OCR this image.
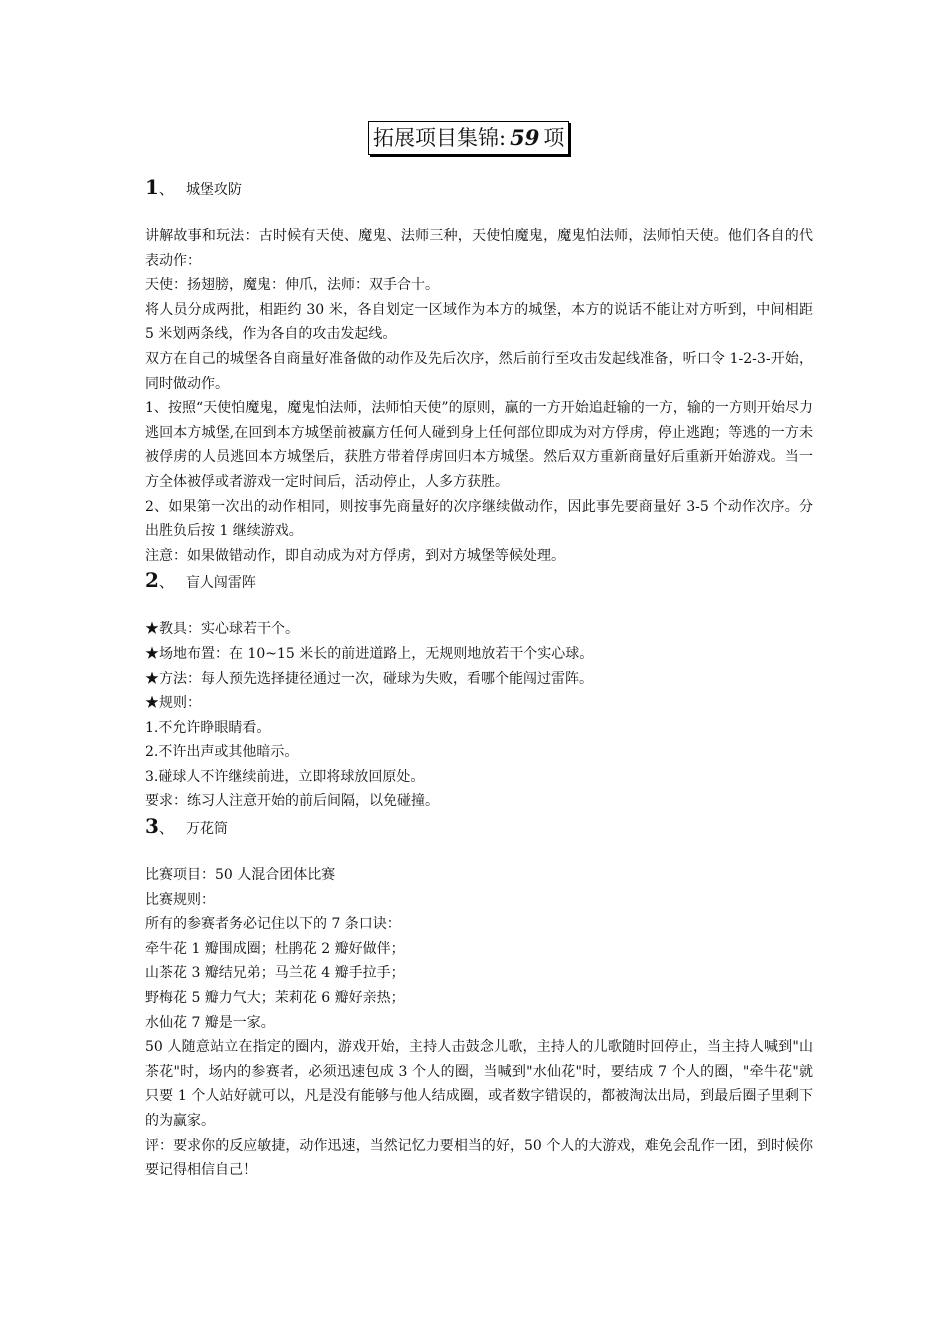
拓展项目集锦: 59 项
1 、 城堡攻防

讲解故事和玩法：古时候有天使、魔鬼、法师三种，天使怕魔鬼，魔鬼怕法师，法师怕天使。他们各自的代表动作：

天使：扬翅膀，魔鬼：伸爪，法师：双手合十。

将人员分成两批，相距约 30 米，各自划定一区域作为本方的城堡，本方的说话不能让对方听到，中间相距 5 米划两条线，作为各自的攻击发起线。

双方在自己的城堡各自商量好准备做的动作及先后次序，然后前行至攻击发起线准备，听口令 1-2-3-开始，同时做动作。

1、按照“天使怕魔鬼，魔鬼怕法师，法师怕天使”的原则，赢的一方开始追赶输的一方，输的一方则开始尽力逃回本方城堡,在回到本方城堡前被赢方任何人碰到身上任何部位即成为对方俘虏，停止逃跑；等逃的一方未被俘虏的人员逃回本方城堡后，获胜方带着俘虏回归本方城堡。然后双方重新商量好后重新开始游戏。当一方全体被俘或者游戏一定时间后，活动停止，人多方获胜。

2、如果第一次出的动作相同，则按事先商量好的次序继续做动作，因此事先要商量好 3-5 个动作次序。分出胜负后按 1 继续游戏。

注意：如果做错动作，即自动成为对方俘虏，到对方城堡等候处理。

2 、 盲人闯雷阵

★教具：实心球若干个。

★场地布置：在 10~15 米长的前进道路上，无规则地放若干个实心球。

★方法：每人预先选择捷径通过一次，碰球为失败，看哪个能闯过雷阵。

★规则：

1.不允许睁眼睛看。

2.不许出声或其他暗示。

3.碰球人不许继续前进，立即将球放回原处。

要求：练习人注意开始的前后间隔，以免碰撞。

3 、 万花筒

比赛项目：50 人混合团体比赛

比赛规则：

所有的参赛者务必记住以下的 7 条口诀：

牵牛花 1 瓣围成圈；杜鹃花 2 瓣好做伴；

山茶花 3 瓣结兄弟；马兰花 4 瓣手拉手；

野梅花 5 瓣力气大；茉莉花 6 瓣好亲热；

水仙花 7 瓣是一家。

50 人随意站立在指定的圈内，游戏开始，主持人击鼓念儿歌，主持人的儿歌随时回停止，当主持人喊到"山茶花"时，场内的参赛者，必须迅速包成 3 个人的圈，当喊到"水仙花"时，要结成 7 个人的圈，"牵牛花"就只要 1 个人站好就可以，凡是没有能够与他人结成圈，或者数字错误的，都被淘汰出局，到最后圈子里剩下的为赢家。

评：要求你的反应敏捷，动作迅速，当然记忆力要相当的好，50 个人的大游戏，难免会乱作一团，到时候你要记得相信自己！
